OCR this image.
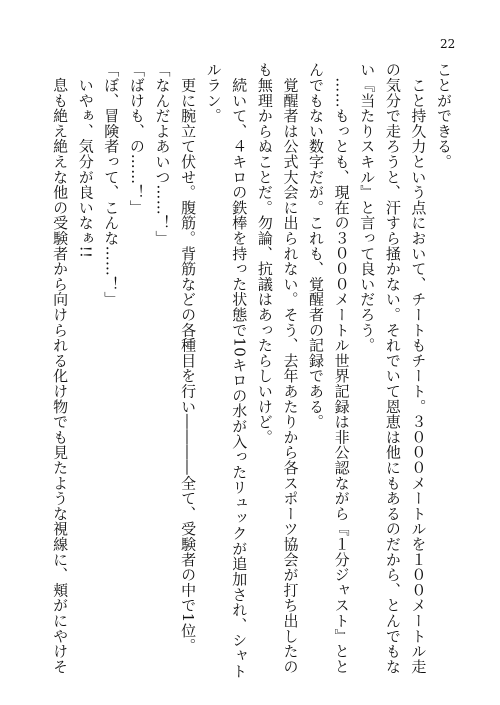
22
ことができる。
　こと持久力という点において、チートもチート。３０００メートルを１００メートル走
の気分で走ろうと、汗すら掻かない。それでいて恩恵は他にもあるのだから、とんでもな
い『当たりスキル』と言って良いだろう。
　……もっとも、現在の３０００メートル世界記録は非公認ながら『１分ジャスト』とと
んでもない数字だが。これも、覚醒者の記録である。
　覚醒者は公式大会に出られない。そう、去年あたりから各スポーツ協会が打ち出したの
も無理からぬことだ。勿論、抗議はあったらしいけど。
　続いて、４キロの鉄棒を持った状態で10キロの水が入ったリュックが追加され、シャト
ルラン。
　更に腕立て伏せ。腹筋。背筋などの各種目を行い――――全て、受験者の中で1位。
「なんだよあいつ……！」
「ばけも、の……！」
「ぼ、冒険者って、こんな……！」
　いやぁ、気分が良いなぁ!!
　息も絶え絶えな他の受験者から向けられる化け物でも見たような視線に、頬がにやけそ
